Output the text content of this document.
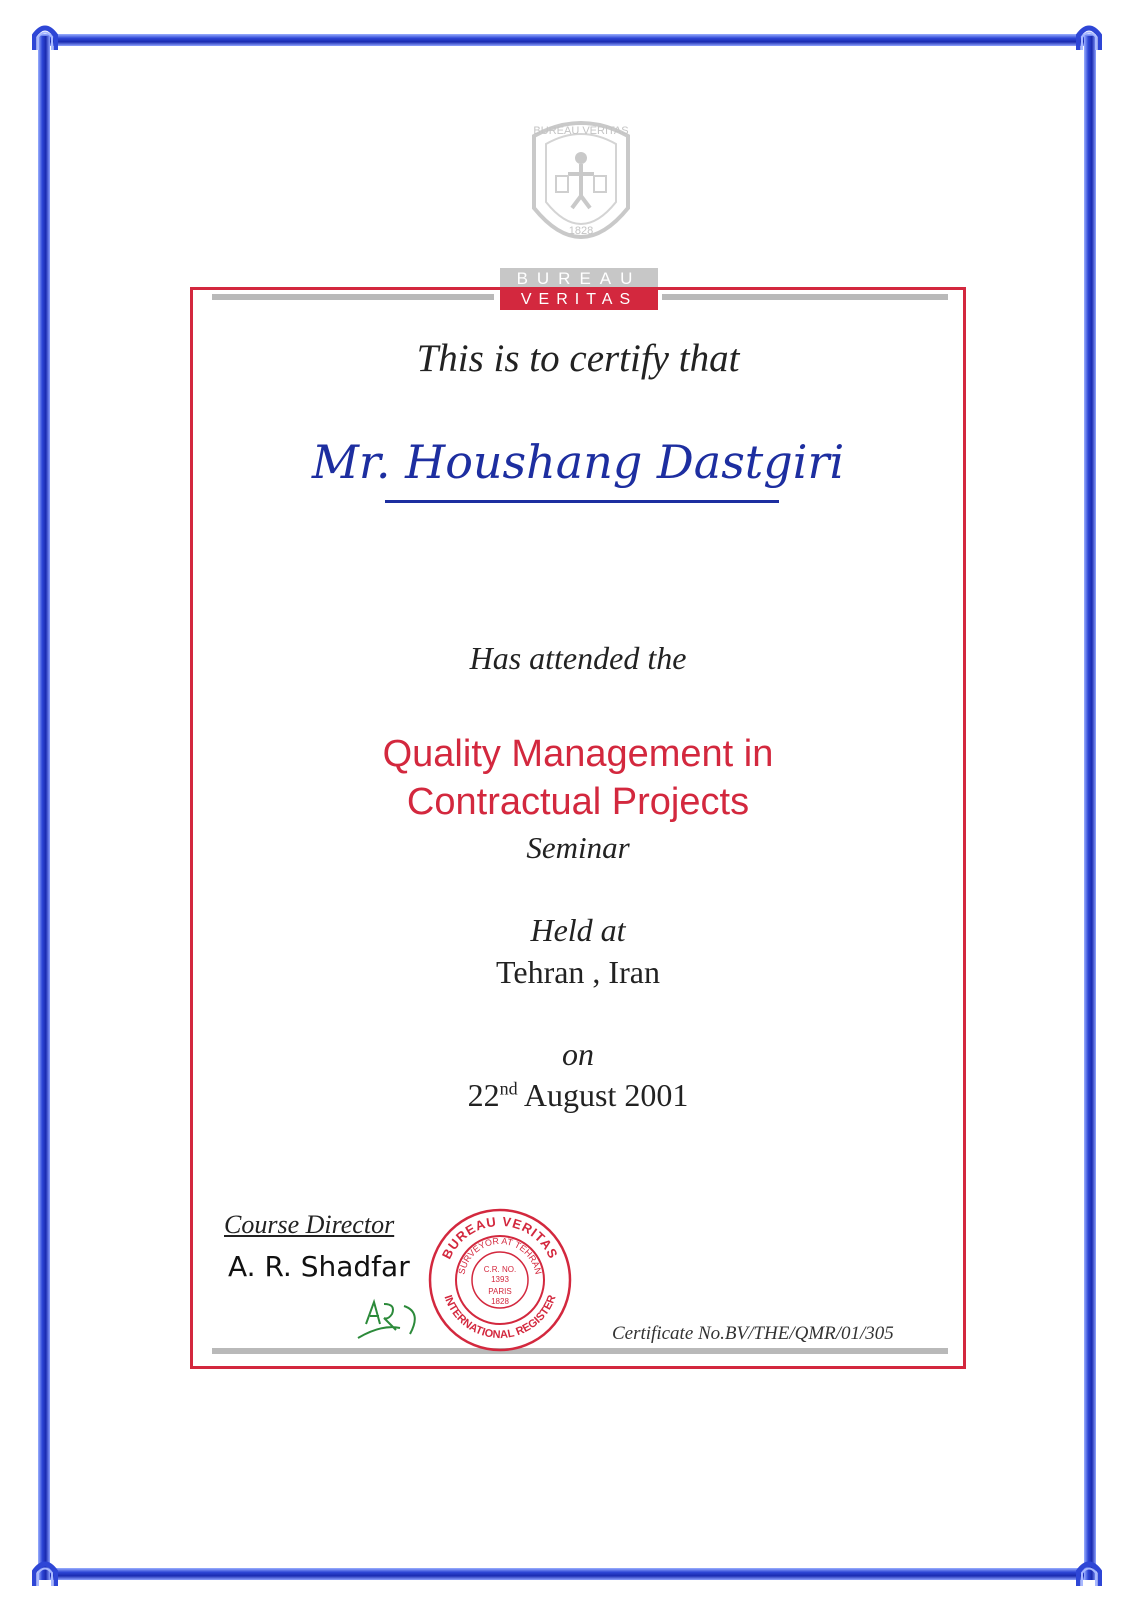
BUREAU VERITAS
1828
BUREAU
VERITAS
This is to certify that
Mr. Houshang Dastgiri
Has attended the
Quality Management in
Contractual Projects
Seminar
Held at
Tehran , Iran
on
22nd August 2001
Course Director
A. R. Shadfar BUREAU VERITAS
INTERNATIONAL REGISTER
SURVEYOR AT TEHRAN
C.R. NO.
1393
PARIS
1828
Certificate No.BV/THE/QMR/01/305
